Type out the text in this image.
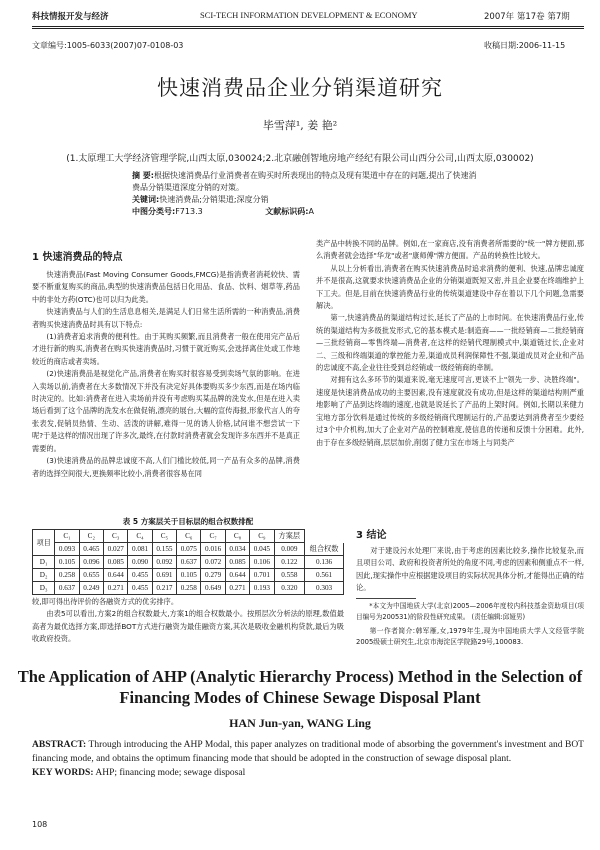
科技情报开发与经济	SCI-TECH INFORMATION DEVELOPMENT & ECONOMY	2007年 第17卷 第7期
文章编号:1005-6033(2007)07-0108-03	收稿日期:2006-11-15
快速消费品企业分销渠道研究
毕雪萍¹, 姜 艳²
(1.太原理工大学经济管理学院,山西太原,030024;2.北京融创智地房地产经纪有限公司山西分公司,山西太原,030002)
摘 要:根据快速消费品行业消费者在购买时所表现出的特点及现有渠道中存在的问题,提出了快速消费品分销渠道深度分销的对策。
关键词:快速消费品;分销渠道;深度分销
中图分类号:F713.3	文献标识码:A
1 快速消费品的特点

快速消费品(Fast Moving Consumer Goods,FMCG)是指消费者消耗较快、需要不断重复购买的商品,典型的快速消费品包括日化用品、食品、饮料、烟草等,药品中的非处方药(OTC)也可以归为此类。

快速消费品与人们的生活息息相关,是满足人们日常生活所需的一种消费品,消费者购买快速消费品时具有以下特点:

(1)消费者追求消费的便利性。由于其购买频繁,而且消费者一般在使用完产品后才进行新的购买,消费者在购买快速消费品时,习惯于就近购买,会选择离住处或工作地较近的商店或者卖场。

(2)快速消费品是视觉化产品,消费者在购买时很容易受到卖场气氛的影响。在进入卖场以前,消费者在大多数情况下并没有决定好具体要购买多少东西,而是在场内临时决定的。比如:消费者在进入卖场前并没有考虑购买某品牌的洗发水,但是在进入卖场后看到了这个品牌的洗发水在做促销,漂亮的展台,大幅的宣传海报,形象代言人的夸张表发,促销员热情、生动、活泼的讲解,难得一见的诱人价格,试问谁不想尝试一下呢?于是这样的情况出现了许多次,最终,在付款时消费者就会发现许多东西并不是真正需要的。

(3)快速消费品的品牌忠诚度不高,人们门槛比较低,同一产品有众多的品牌,消费者的选择空间很大,更换频率比较小,消费者很容易在同

类产品中转换不同的品牌。例如,在一家商店,没有消费者所需要的"统一"牌方便面,那么消费者就会选择"华龙"或者"康师傅"牌方便面。产品的转换性比较大。

从以上分析看出,消费者在购买快速消费品时追求消费的便利、快速,品牌忠诚度并不是很高,这就要求快速消费品企业的分销渠道既短又密,并且企业要在终端维护上下工夫。但是,目前在快速消费品行业的传统渠道建设中存在着以下几个问题,急需要解决。

第一,快速消费品的渠道结构过长,延长了产品的上市时间。在快速消费品行业,传统的渠道结构为多级批发形式,它的基本模式是:制造商——一批经销商—二批经销商—三批经销商—零售终端—消费者,在这样的经销代理制模式中,渠道链过长,企业对二、三级和终端渠道的掌控能力差,渠道成员利润保障性不强,渠道成员对企业和产品的忠诚度不高,企业往往受到总经销或一级经销商的牵制。

对拥有这么多环节的渠道来说,毫无速度可言,更谈不上"领先一步、决胜终端"。速度是快速消费品成功的主要因素,没有速度就没有成功,但是这样的渠道结构则严重地影响了产品到达终端的速度,也就是说延长了产品的上架时间。例如,长期以来健力宝地方部分饮料是通过传统的多级经销商代理制运行的,产品要达到消费者至少要经过3个中介机构,加大了企业对产品的控制难度,使信息的传递和反馈十分困难。此外,由于存在多级经销商,层层加价,削弱了健力宝在市场上与同类产

表 5 方案层关于目标层的组合权数排配
项目	C₁	C₂	C₃	C₄	C₅	C₆	C₇	C₈	C₉	方案层	
	0.093	0.465	0.027	0.081	0.155	0.075	0.016	0.034	0.045	0.009	组合权数
D₁	0.105	0.096	0.085	0.090	0.092	0.637	0.072	0.085	0.106	0.122	0.136
D₂	0.258	0.655	0.644	0.455	0.691	0.105	0.279	0.644	0.701	0.558	0.561
D₃	0.637	0.249	0.271	0.455	0.217	0.258	0.649	0.271	0.193	0.320	0.303

较,即可得出待评价的各融资方式的优劣排序。

由表5可以看出,方案2的组合权数最大,方案1的组合权数最小。按照层次分析法的原理,数值最高者为最优选择方案,即选择BOT方式进行融资为最佳融资方案,其次是吸收金融机构贷款,最后为吸收政府投资。

3 结论

对于建设污水处理厂来说,由于考虑的因素比较多,操作比较复杂,而且项目公司、政府和投资者所处的角度不同,考虑的因素和侧重点不一样,因此,现实操作中应根据建设项目的实际状况具体分析,才能得出正确的结论。

*本文为中国地质大学(北京)2005—2006年度校内科技基金资助项目(项目编号为200531)的阶段性研究成果。 (责任编辑:邱娅男)

第一作者简介:韩军雁,女,1979年生,现为中国地质大学人文经管学院2005级硕士研究生,北京市海淀区学院路29号,100083.

The Application of AHP (Analytic Hierarchy Process) Method in the Selection of Financing Modes of Chinese Sewage Disposal Plant
HAN Jun-yan, WANG Ling
ABSTRACT: Through introducing the AHP Modal, this paper analyzes on traditional mode of absorbing the government's investment and BOT financing mode, and obtains the optimum financing mode that should be adopted in the construction of sewage disposal plant.
KEY WORDS: AHP; financing mode; sewage disposal
108
